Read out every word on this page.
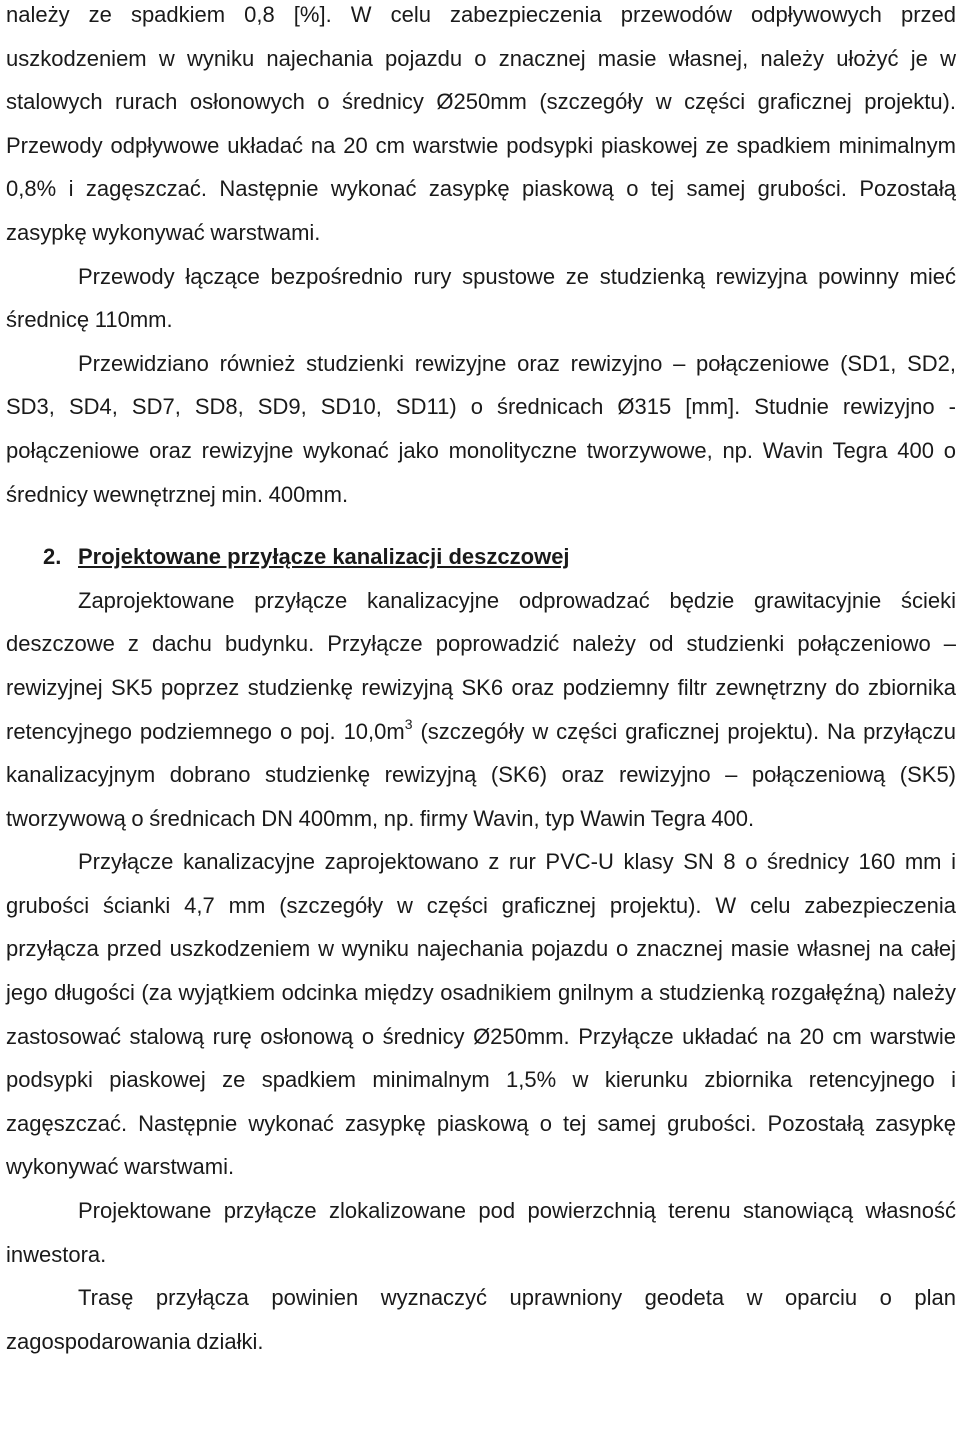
należy ze spadkiem 0,8 [%]. W celu zabezpieczenia przewodów odpływowych przed uszkodzeniem w wyniku najechania pojazdu o znacznej masie własnej, należy ułożyć je w stalowych rurach osłonowych o średnicy Ø250mm (szczegóły w części graficznej projektu). Przewody odpływowe układać na 20 cm warstwie podsypki piaskowej ze spadkiem minimalnym 0,8% i zagęszczać. Następnie wykonać zasypkę piaskową o tej samej grubości. Pozostałą zasypkę wykonywać warstwami.

Przewody łączące bezpośrednio rury spustowe ze studzienką rewizyjna powinny mieć średnicę 110mm.

Przewidziano również studzienki rewizyjne oraz rewizyjno – połączeniowe (SD1, SD2, SD3, SD4, SD7, SD8, SD9, SD10, SD11) o średnicach Ø315 [mm]. Studnie rewizyjno - połączeniowe oraz rewizyjne wykonać jako monolityczne tworzywowe, np. Wavin Tegra 400 o średnicy wewnętrznej min. 400mm.

2. Projektowane przyłącze kanalizacji deszczowej

Zaprojektowane przyłącze kanalizacyjne odprowadzać będzie grawitacyjnie ścieki deszczowe z dachu budynku. Przyłącze poprowadzić należy od studzienki połączeniowo – rewizyjnej SK5 poprzez studzienkę rewizyjną SK6 oraz podziemny filtr zewnętrzny do zbiornika retencyjnego podziemnego o poj. $10,0m^3$ (szczegóły w części graficznej projektu). Na przyłączu kanalizacyjnym dobrano studzienkę rewizyjną (SK6) oraz rewizyjno – połączeniową (SK5) tworzywową o średnicach DN 400mm, np. firmy Wavin, typ Wawin Tegra 400.

Przyłącze kanalizacyjne zaprojektowano z rur PVC-U klasy SN 8 o średnicy 160 mm i grubości ścianki 4,7 mm (szczegóły w części graficznej projektu). W celu zabezpieczenia przyłącza przed uszkodzeniem w wyniku najechania pojazdu o znacznej masie własnej na całej jego długości (za wyjątkiem odcinka między osadnikiem gnilnym a studzienką rozgałęźną) należy zastosować stalową rurę osłonową o średnicy Ø250mm. Przyłącze układać na 20 cm warstwie podsypki piaskowej ze spadkiem minimalnym 1,5% w kierunku zbiornika retencyjnego i zagęszczać. Następnie wykonać zasypkę piaskową o tej samej grubości. Pozostałą zasypkę wykonywać warstwami.

Projektowane przyłącze zlokalizowane pod powierzchnią terenu stanowiącą własność inwestora.

Trasę przyłącza powinien wyznaczyć uprawniony geodeta w oparciu o plan zagospodarowania działki.
